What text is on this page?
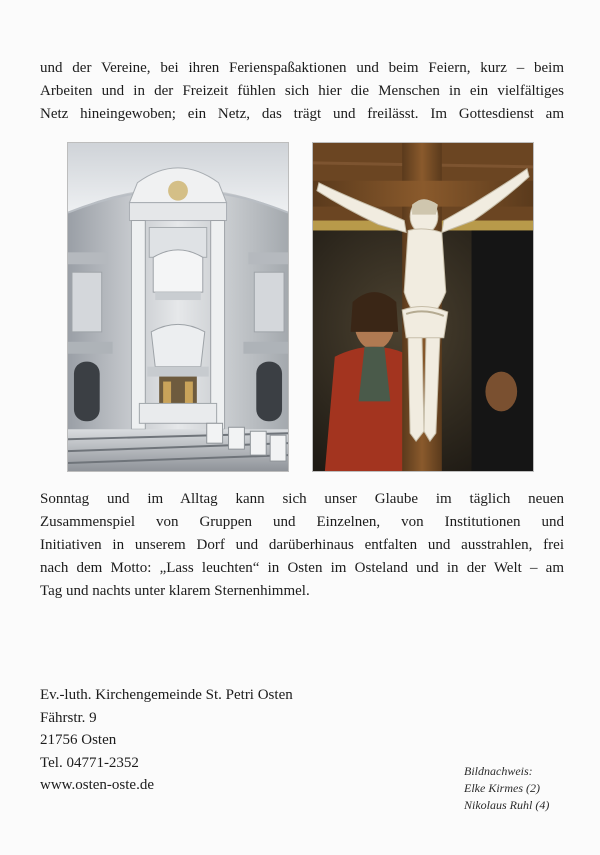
und der Vereine, bei ihren Ferienspaßaktionen und beim Feiern, kurz – beim
Arbeiten und in der Freizeit fühlen sich hier die Menschen in ein vielfältiges
Netz hineingewoben; ein Netz, das trägt und freilässt. Im Gottesdienst am
Sonntag und im Alltag kann sich unser Glaube im täglich neuen
Zusammenspiel von Gruppen und Einzelnen, von Institutionen und
Initiativen in unserem Dorf und darüberhinaus entfalten und ausstrahlen, frei
nach dem Motto: „Lass leuchten“ in Osten im Osteland und in der Welt – am
Tag und nachts unter klarem Sternenhimmel.
Ev.-luth. Kirchengemeinde St. Petri Osten
Fährstr. 9
21756 Osten
Tel. 04771-2352
www.osten-oste.de
Bildnachweis:
Elke Kirmes (2)
Nikolaus Ruhl (4)
